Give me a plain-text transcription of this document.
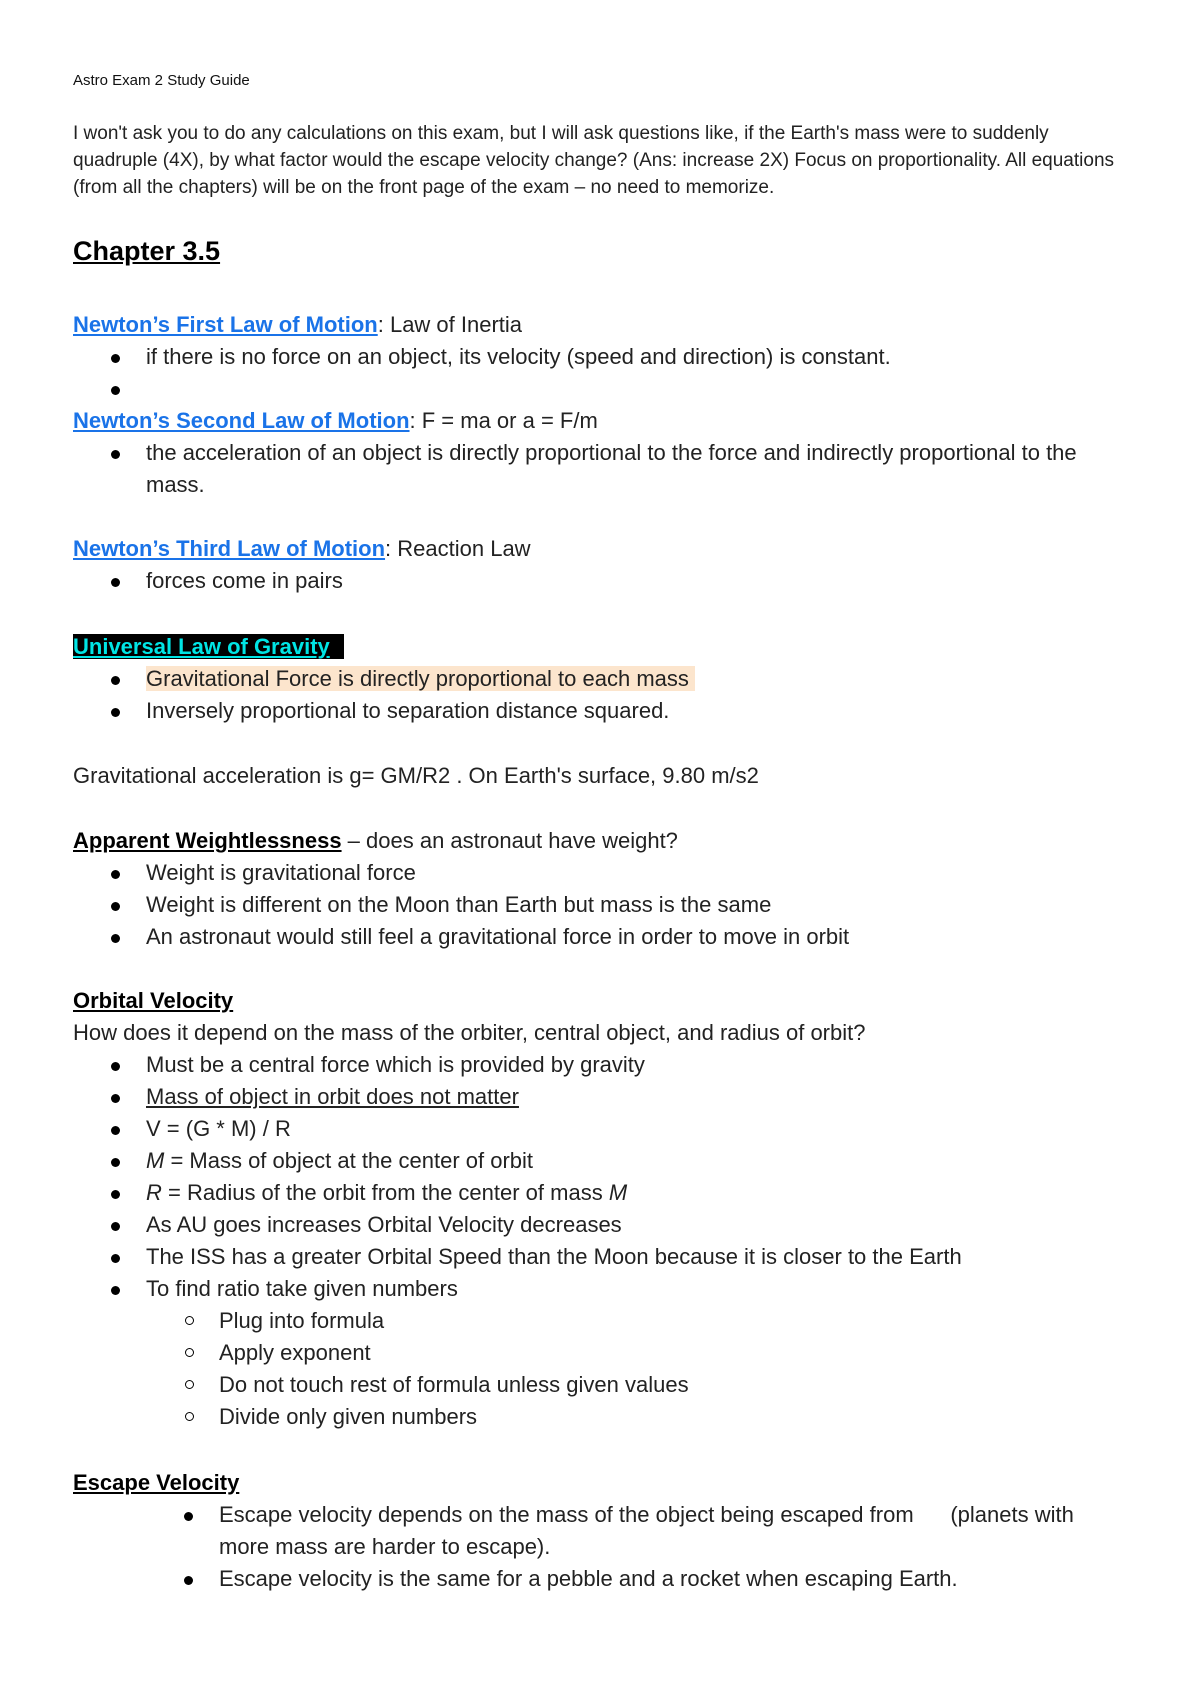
Astro Exam 2 Study Guide
I won't ask you to do any calculations on this exam, but I will ask questions like, if the Earth's mass were to suddenly quadruple (4X), by what factor would the escape velocity change? (Ans: increase 2X) Focus on proportionality. All equations (from all the chapters) will be on the front page of the exam – no need to memorize.
Chapter 3.5
Newton’s First Law of Motion: Law of Inertia
if there is no force on an object, its velocity (speed and direction) is constant.
Newton’s Second Law of Motion: F = ma or a = F/m
the acceleration of an object is directly proportional to the force and indirectly proportional to the mass.
Newton’s Third Law of Motion: Reaction Law
forces come in pairs
Universal Law of Gravity
Gravitational Force is directly proportional to each mass
Inversely proportional to separation distance squared.
Gravitational acceleration is g= GM/R2 . On Earth's surface, 9.80 m/s2
Apparent Weightlessness – does an astronaut have weight?
Weight is gravitational force
Weight is different on the Moon than Earth but mass is the same
An astronaut would still feel a gravitational force in order to move in orbit
Orbital Velocity
How does it depend on the mass of the orbiter, central object, and radius of orbit?
Must be a central force which is provided by gravity
Mass of object in orbit does not matter
V = (G * M) / R
M = Mass of object at the center of orbit
R = Radius of the orbit from the center of mass M
As AU goes increases Orbital Velocity decreases
The ISS has a greater Orbital Speed than the Moon because it is closer to the Earth
To find ratio take given numbers
Plug into formula
Apply exponent
Do not touch rest of formula unless given values
Divide only given numbers
Escape Velocity
Escape velocity depends on the mass of the object being escaped from      (planets with more mass are harder to escape).
Escape velocity is the same for a pebble and a rocket when escaping Earth.
